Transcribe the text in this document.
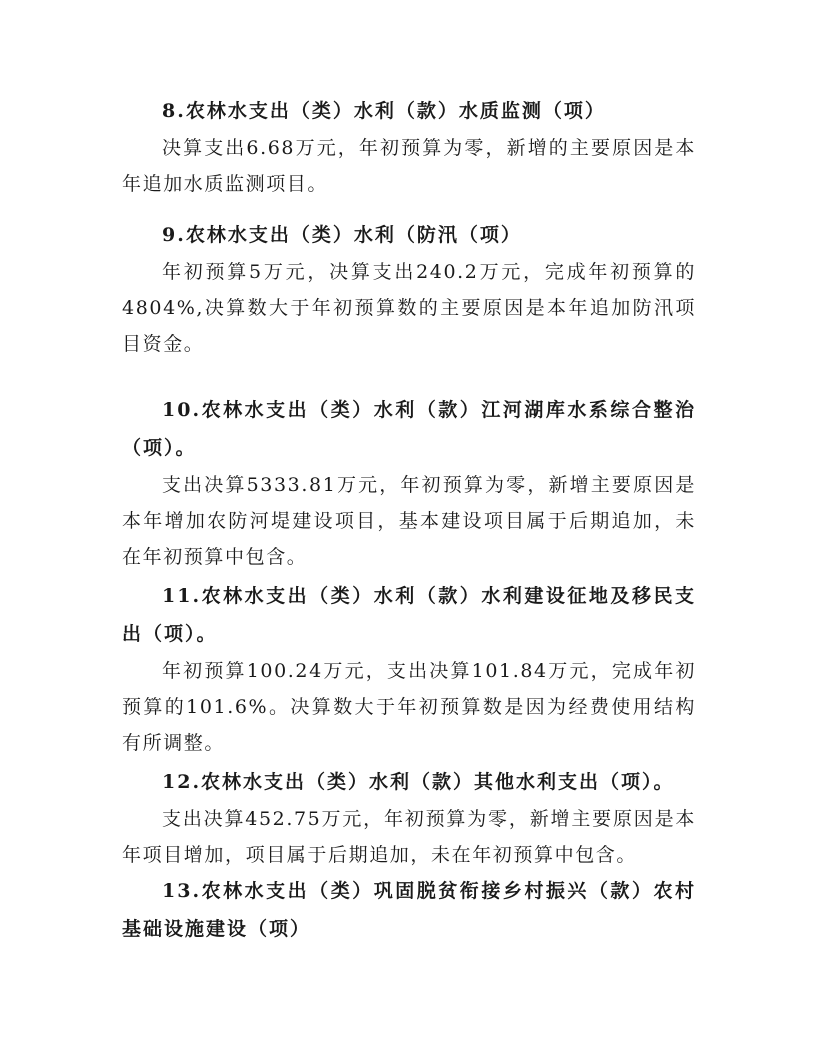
8.农林水支出（类）水利（款）水质监测（项）

决算支出6.68万元，年初预算为零，新增的主要原因是本年追加水质监测项目。

9.农林水支出（类）水利（防汛（项）

年初预算5万元，决算支出240.2万元，完成年初预算的4804%,决算数大于年初预算数的主要原因是本年追加防汛项目资金。

10.农林水支出（类）水利（款）江河湖库水系综合整治（项）。

支出决算5333.81万元，年初预算为零，新增主要原因是本年增加农防河堤建设项目，基本建设项目属于后期追加，未在年初预算中包含。

11.农林水支出（类）水利（款）水利建设征地及移民支出（项）。

年初预算100.24万元，支出决算101.84万元，完成年初预算的101.6%。决算数大于年初预算数是因为经费使用结构有所调整。

12.农林水支出（类）水利（款）其他水利支出（项）。

支出决算452.75万元，年初预算为零，新增主要原因是本年项目增加，项目属于后期追加，未在年初预算中包含。

13.农林水支出（类）巩固脱贫衔接乡村振兴（款）农村基础设施建设（项）
